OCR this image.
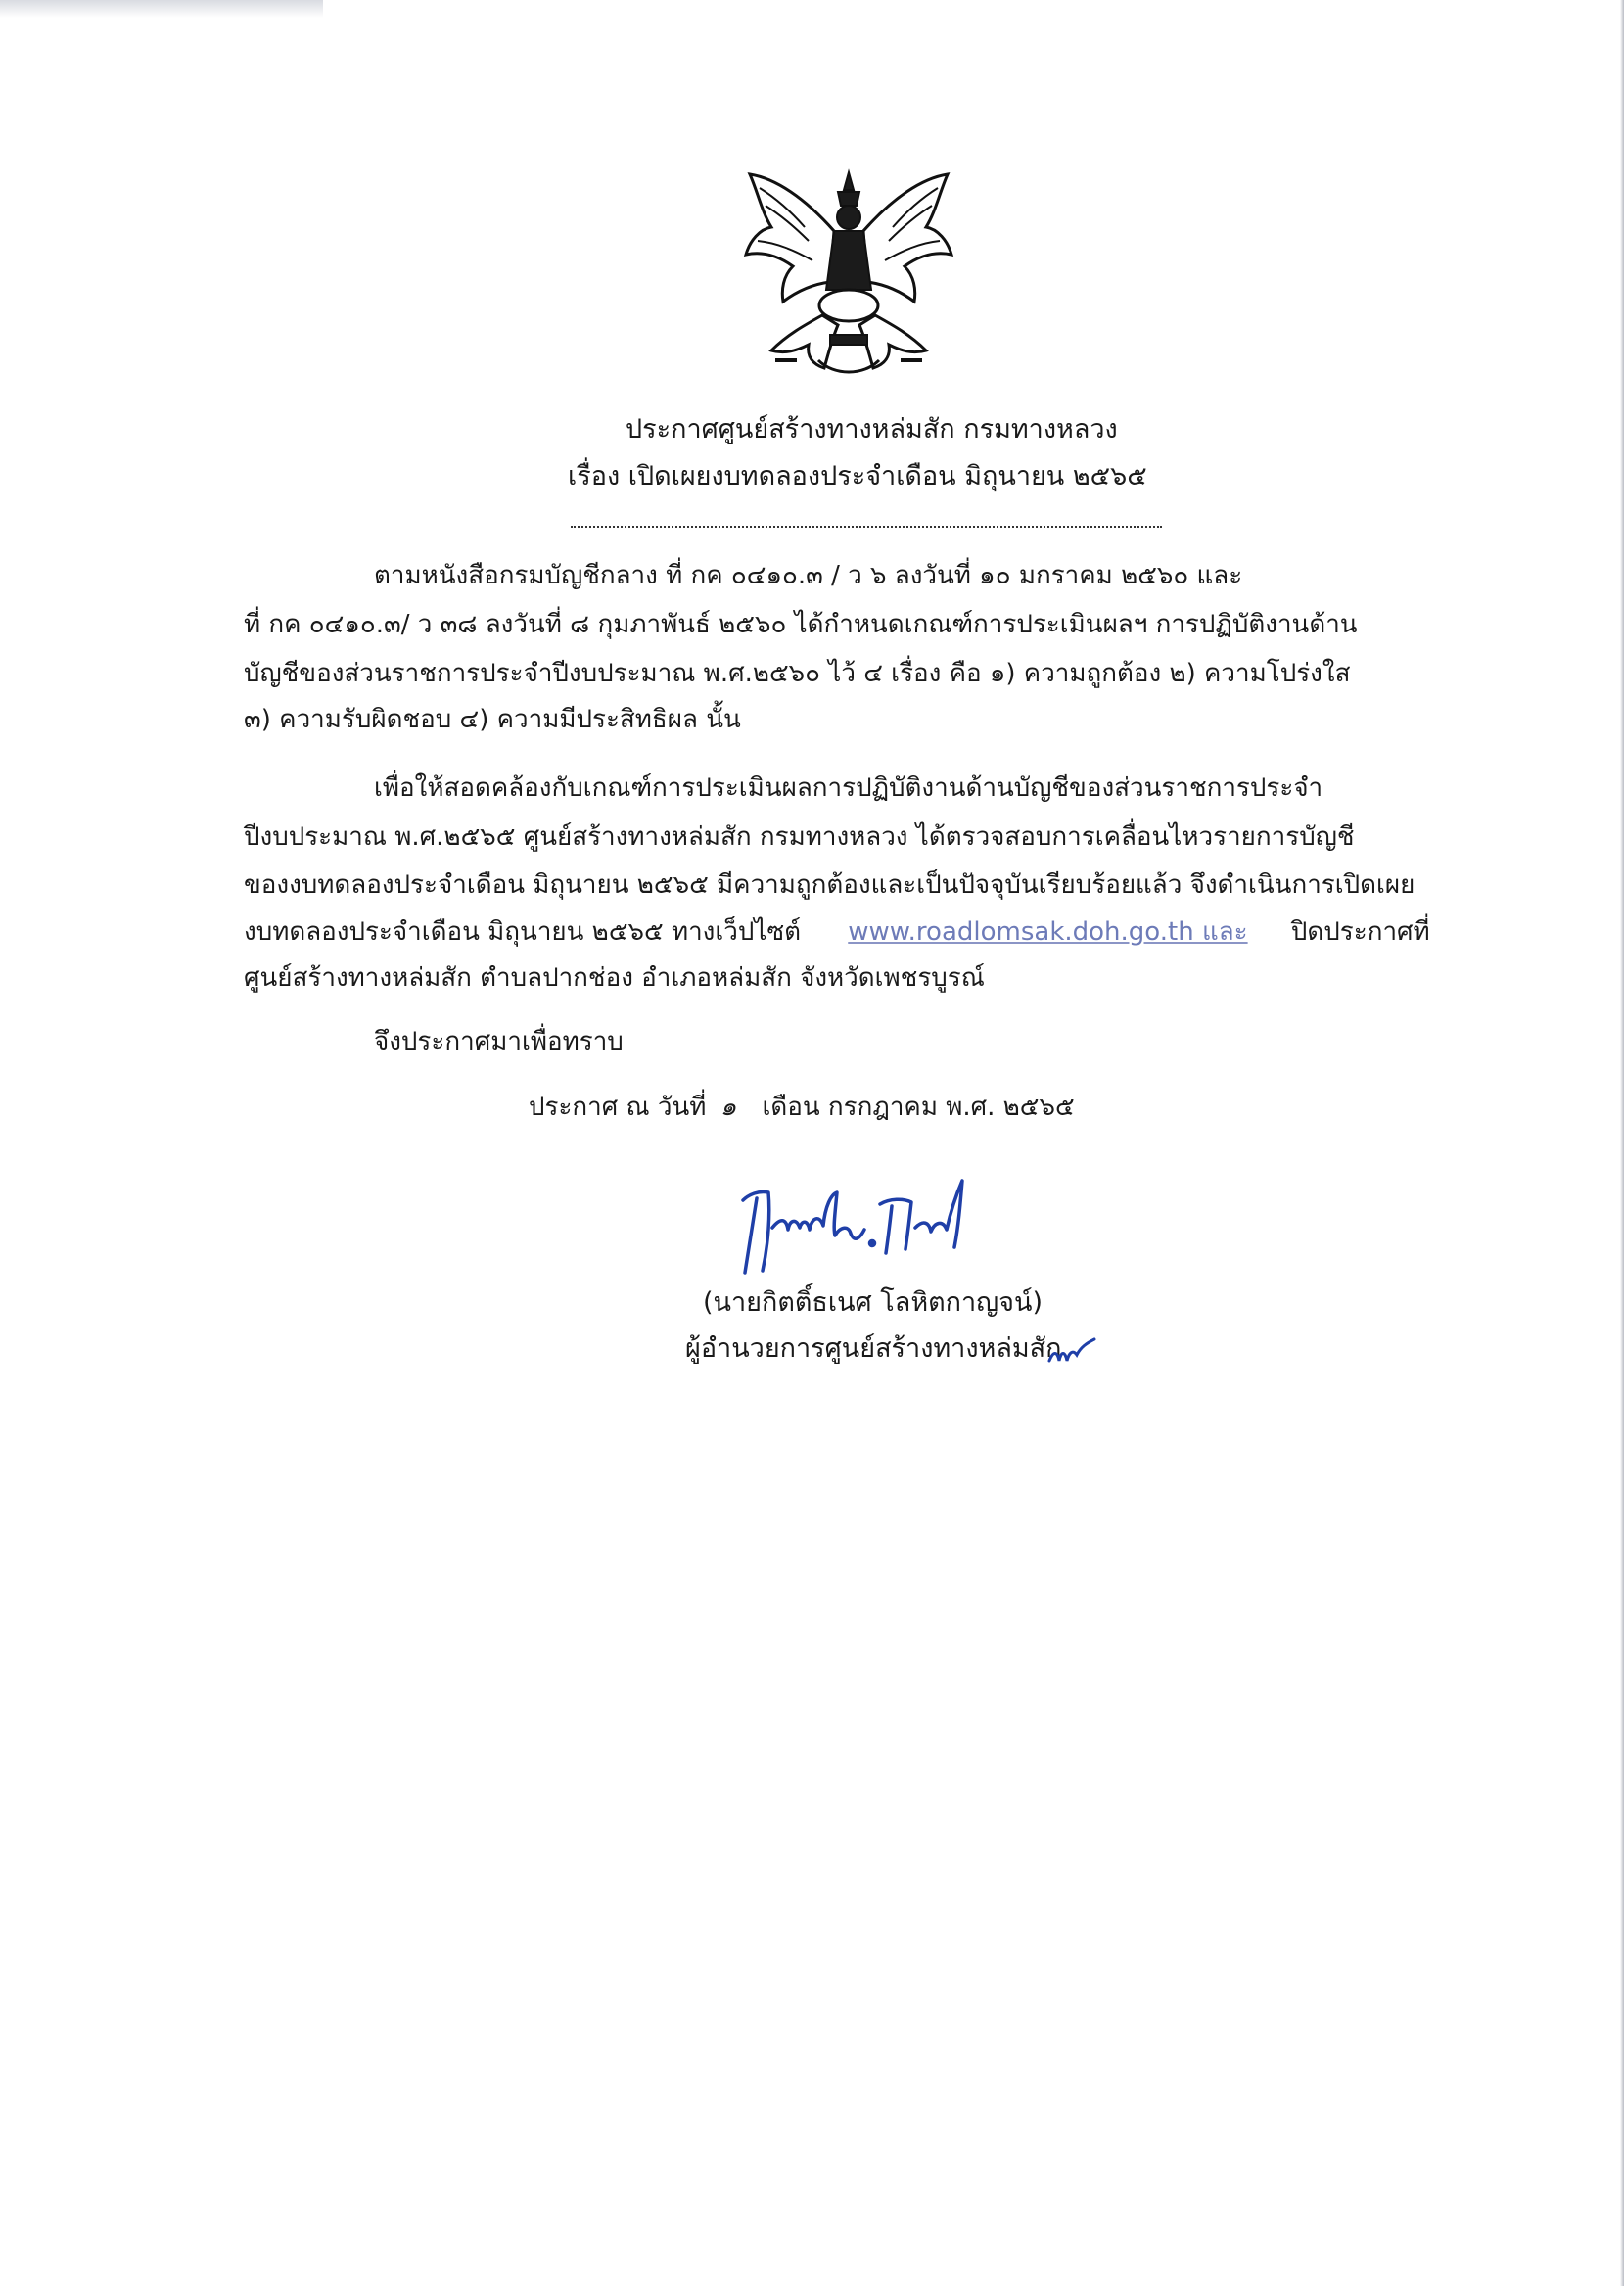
ประกาศศูนย์สร้างทางหล่มสัก กรมทางหลวง
เรื่อง เปิดเผยงบทดลองประจำเดือน มิถุนายน ๒๕๖๕
ตามหนังสือกรมบัญชีกลาง ที่ กค ๐๔๑๐.๓ / ว ๖ ลงวันที่ ๑๐ มกราคม ๒๕๖๐ และ
ที่ กค ๐๔๑๐.๓/ ว ๓๘ ลงวันที่ ๘ กุมภาพันธ์ ๒๕๖๐ ได้กำหนดเกณฑ์การประเมินผลฯ การปฏิบัติงานด้าน
บัญชีของส่วนราชการประจำปีงบประมาณ พ.ศ.๒๕๖๐ ไว้ ๔ เรื่อง คือ ๑) ความถูกต้อง ๒) ความโปร่งใส
๓) ความรับผิดชอบ ๔) ความมีประสิทธิผล นั้น
เพื่อให้สอดคล้องกับเกณฑ์การประเมินผลการปฏิบัติงานด้านบัญชีของส่วนราชการประจำ
ปีงบประมาณ พ.ศ.๒๕๖๕ ศูนย์สร้างทางหล่มสัก กรมทางหลวง ได้ตรวจสอบการเคลื่อนไหวรายการบัญชี
ของงบทดลองประจำเดือน มิถุนายน ๒๕๖๕ มีความถูกต้องและเป็นปัจจุบันเรียบร้อยแล้ว จึงดำเนินการเปิดเผย
งบทดลองประจำเดือน มิถุนายน ๒๕๖๕ ทางเว็ปไซต์ www.roadlomsak.doh.go.th และ ปิดประกาศที่
ศูนย์สร้างทางหล่มสัก ตำบลปากช่อง อำเภอหล่มสัก จังหวัดเพชรบูรณ์
จึงประกาศมาเพื่อทราบ
ประกาศ ณ วันที่ ๑ เดือน กรกฎาคม พ.ศ. ๒๕๖๕
(นายกิตติ์ธเนศ โลหิตกาญจน์)
ผู้อำนวยการศูนย์สร้างทางหล่มสัก
